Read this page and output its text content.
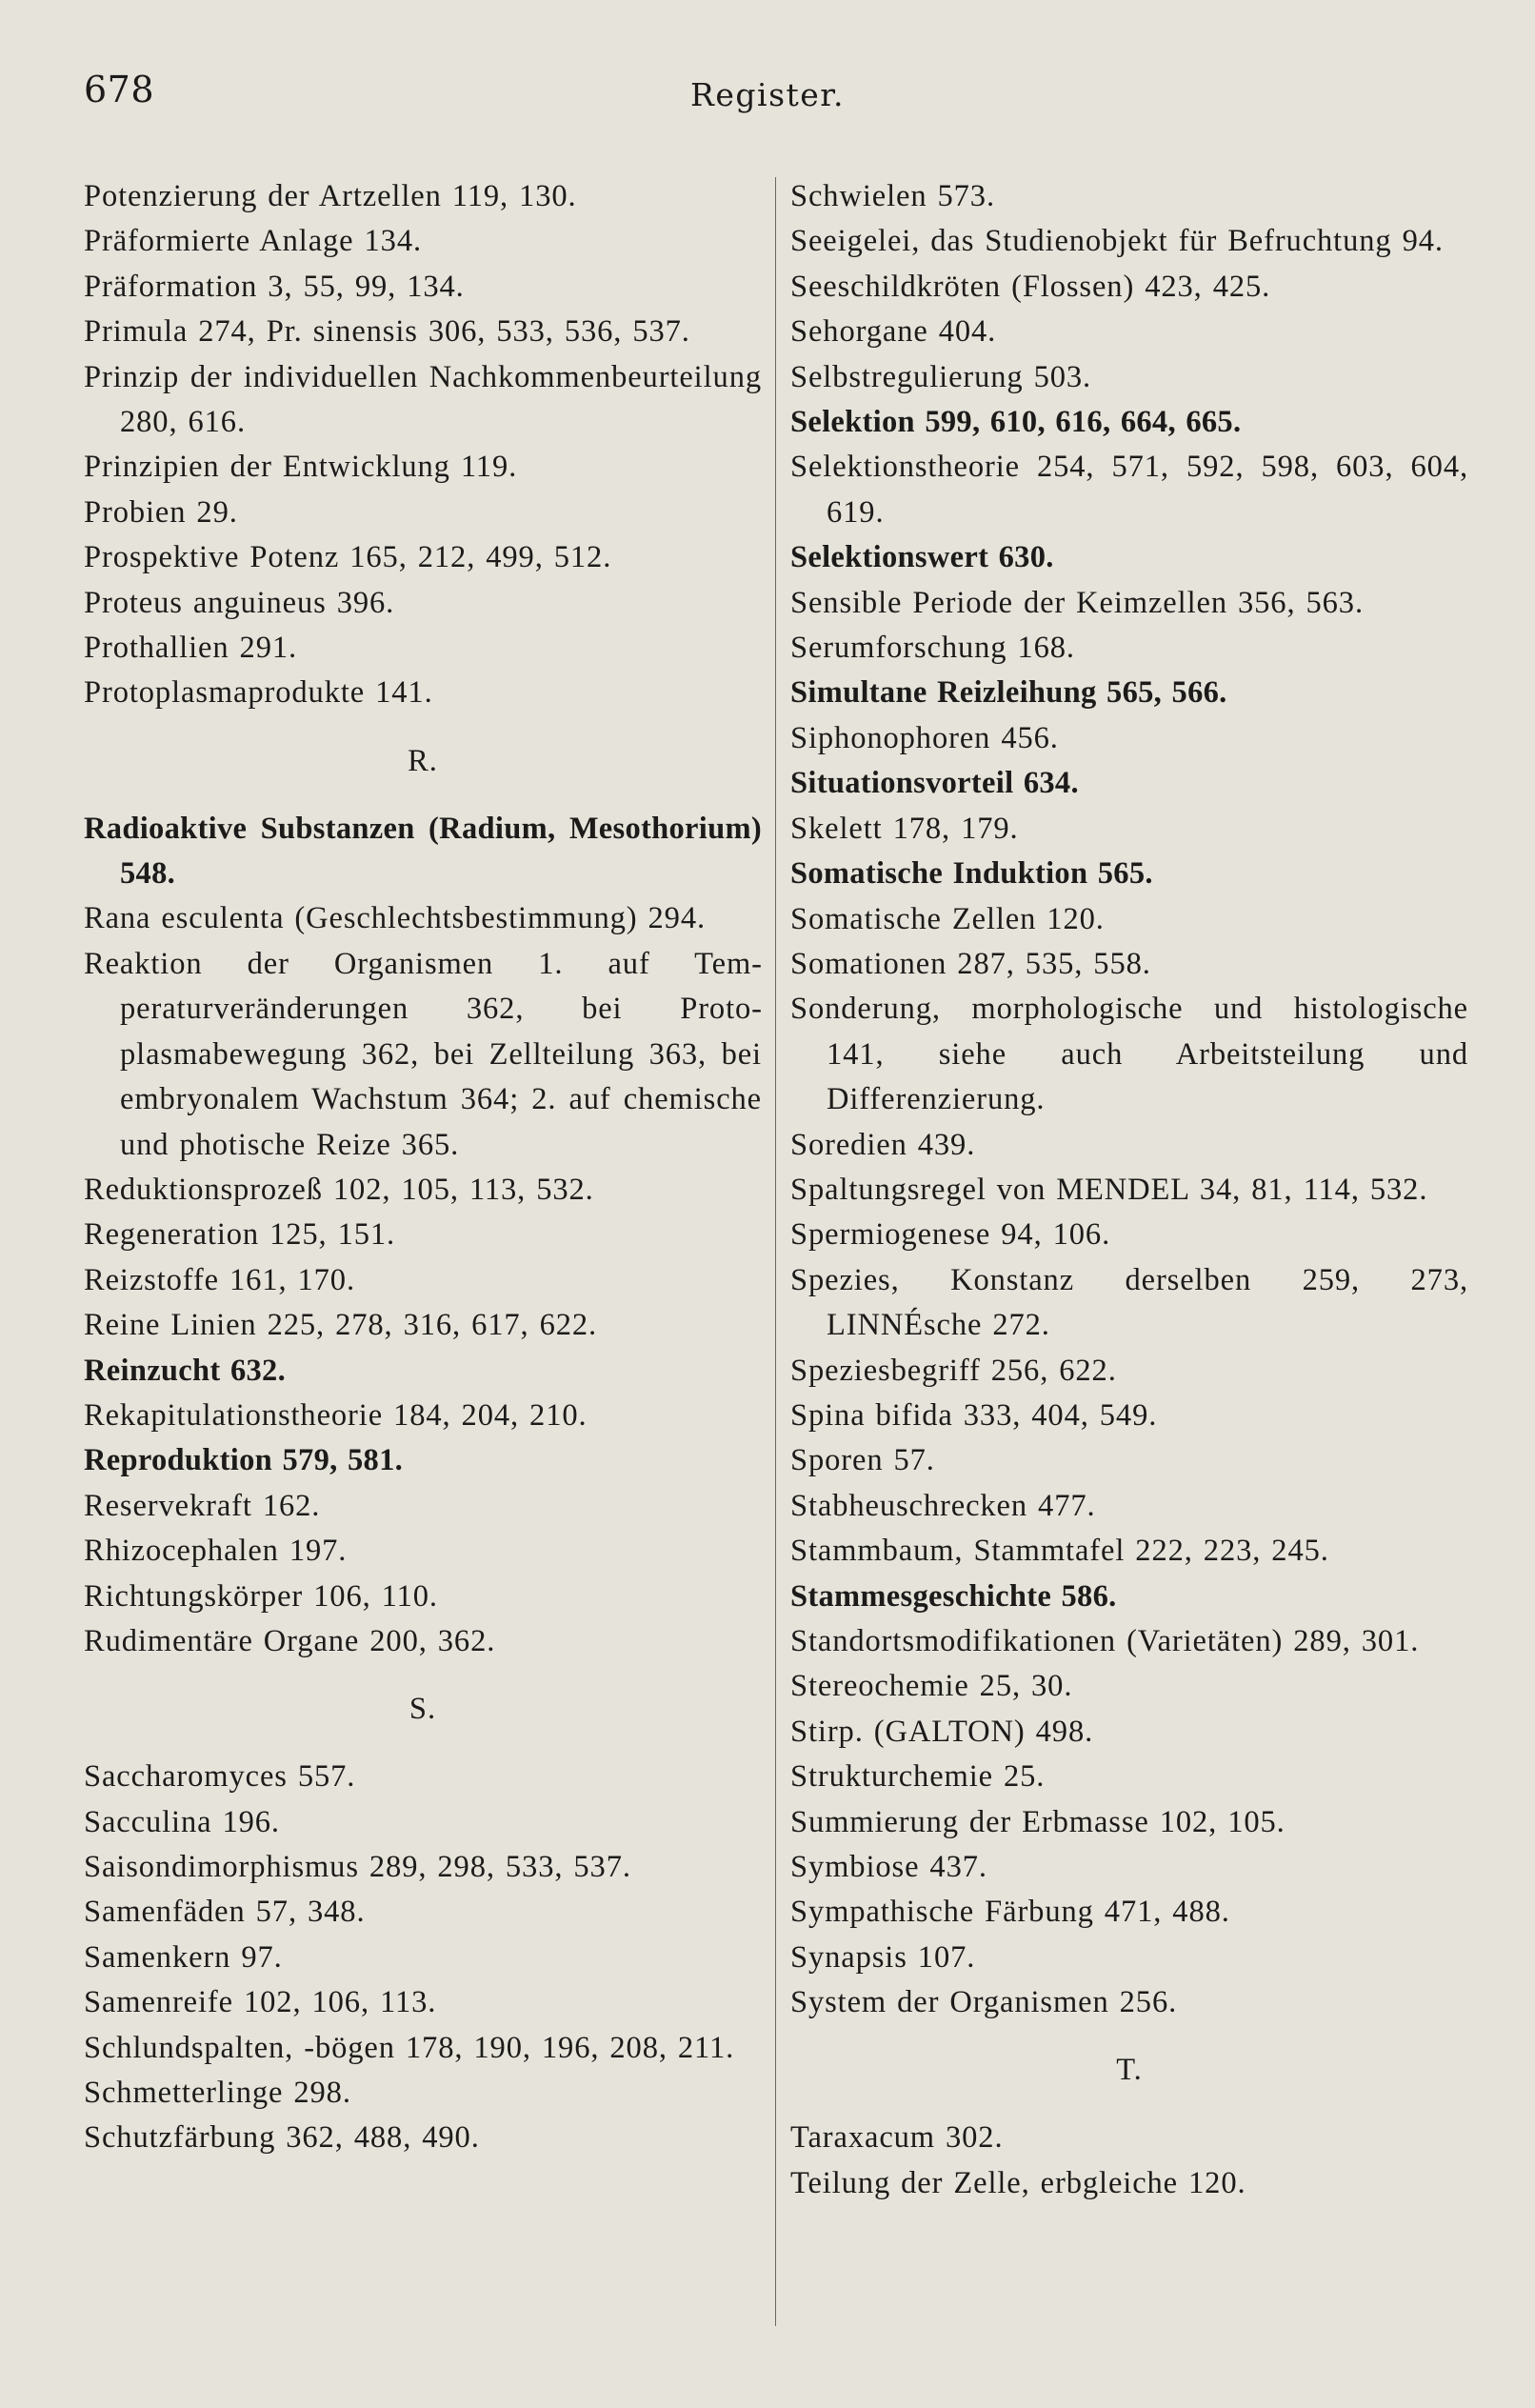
678	Register.
Potenzierung der Artzellen 119, 130.
Präformierte Anlage 134.
Präformation 3, 55, 99, 134.
Primula 274, Pr. sinensis 306, 533, 536, 537.
Prinzip der individuellen Nachkommenbeurteilung 280, 616.
Prinzipien der Entwicklung 119.
Probien 29.
Prospektive Potenz 165, 212, 499, 512.
Proteus anguineus 396.
Prothallien 291.
Protoplasmaprodukte 141.
R.
Radioaktive Substanzen (Radium, Mesothorium) 548.
Rana esculenta (Geschlechtsbestimmung) 294.
Reaktion der Organismen 1. auf Temperaturveränderungen 362, bei Protoplasmabewegung 362, bei Zellteilung 363, bei embryonalem Wachstum 364; 2. auf chemische und photische Reize 365.
Reduktionsprozeß 102, 105, 113, 532.
Regeneration 125, 151.
Reizstoffe 161, 170.
Reine Linien 225, 278, 316, 617, 622.
Reinzucht 632.
Rekapitulationstheorie 184, 204, 210.
Reproduktion 579, 581.
Reservekraft 162.
Rhizocephalen 197.
Richtungskörper 106, 110.
Rudimentäre Organe 200, 362.
S.
Saccharomyces 557.
Sacculina 196.
Saisondimorphismus 289, 298, 533, 537.
Samenfäden 57, 348.
Samenkern 97.
Samenreife 102, 106, 113.
Schlundspalten, -bögen 178, 190, 196, 208, 211.
Schmetterlinge 298.
Schutzfärbung 362, 488, 490.
Schwielen 573.
Seeigelei, das Studienobjekt für Befruchtung 94.
Seeschildkröten (Flossen) 423, 425.
Sehorgane 404.
Selbstregulierung 503.
Selektion 599, 610, 616, 664, 665.
Selektionstheorie 254, 571, 592, 598, 603, 604, 619.
Selektionswert 630.
Sensible Periode der Keimzellen 356, 563.
Serumforschung 168.
Simultane Reizleihung 565, 566.
Siphonophoren 456.
Situationsvorteil 634.
Skelett 178, 179.
Somatische Induktion 565.
Somatische Zellen 120.
Somationen 287, 535, 558.
Sonderung, morphologische und histologische 141, siehe auch Arbeitsteilung und Differenzierung.
Soredien 439.
Spaltungsregel von MENDEL 34, 81, 114, 532.
Spermiogenese 94, 106.
Spezies, Konstanz derselben 259, 273, LINNÉsche 272.
Speziesbegriff 256, 622.
Spina bifida 333, 404, 549.
Sporen 57.
Stabheuschrecken 477.
Stammbaum, Stammtafel 222, 223, 245.
Stammesgeschichte 586.
Standortsmodifikationen (Varietäten) 289, 301.
Stereochemie 25, 30.
Stirp. (GALTON) 498.
Strukturchemie 25.
Summierung der Erbmasse 102, 105.
Symbiose 437.
Sympathische Färbung 471, 488.
Synapsis 107.
System der Organismen 256.
T.
Taraxacum 302.
Teilung der Zelle, erbgleiche 120.
